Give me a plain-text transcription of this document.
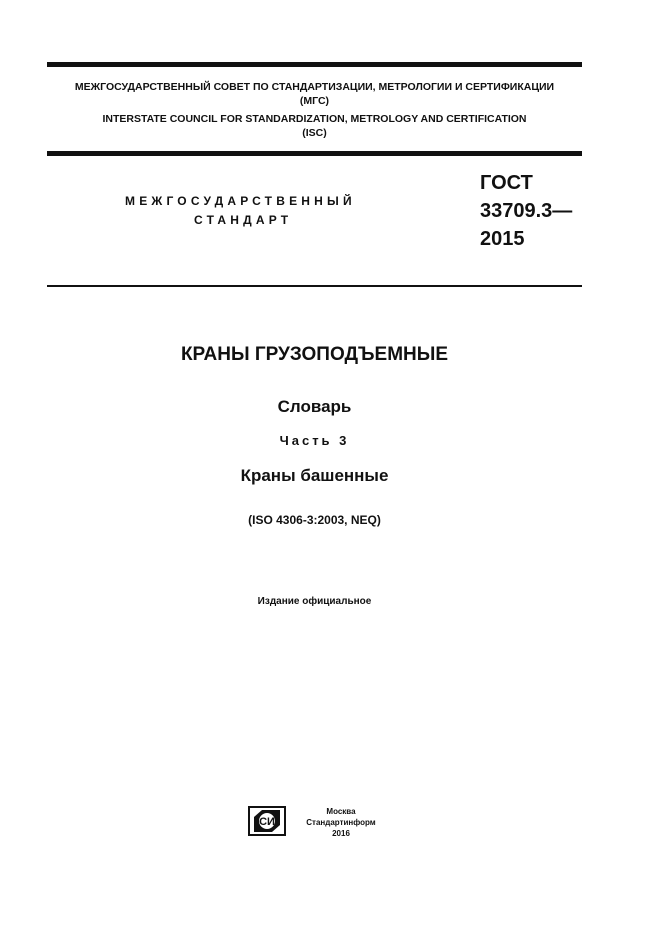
МЕЖГОСУДАРСТВЕННЫЙ СОВЕТ ПО СТАНДАРТИЗАЦИИ, МЕТРОЛОГИИ И СЕРТИФИКАЦИИ

(МГС)

INTERSTATE COUNCIL FOR STANDARDIZATION, METROLOGY AND CERTIFICATION

(ISC)

МЕЖГОСУДАРСТВЕННЫЙ

СТАНДАРТ

ГОСТ
33709.3—
2015

КРАНЫ ГРУЗОПОДЪЕМНЫЕ

Словарь

Часть 3

Краны башенные

(ISO 4306-3:2003, NEQ)

Издание официальное

СИ
Москва
Стандартинформ
2016
